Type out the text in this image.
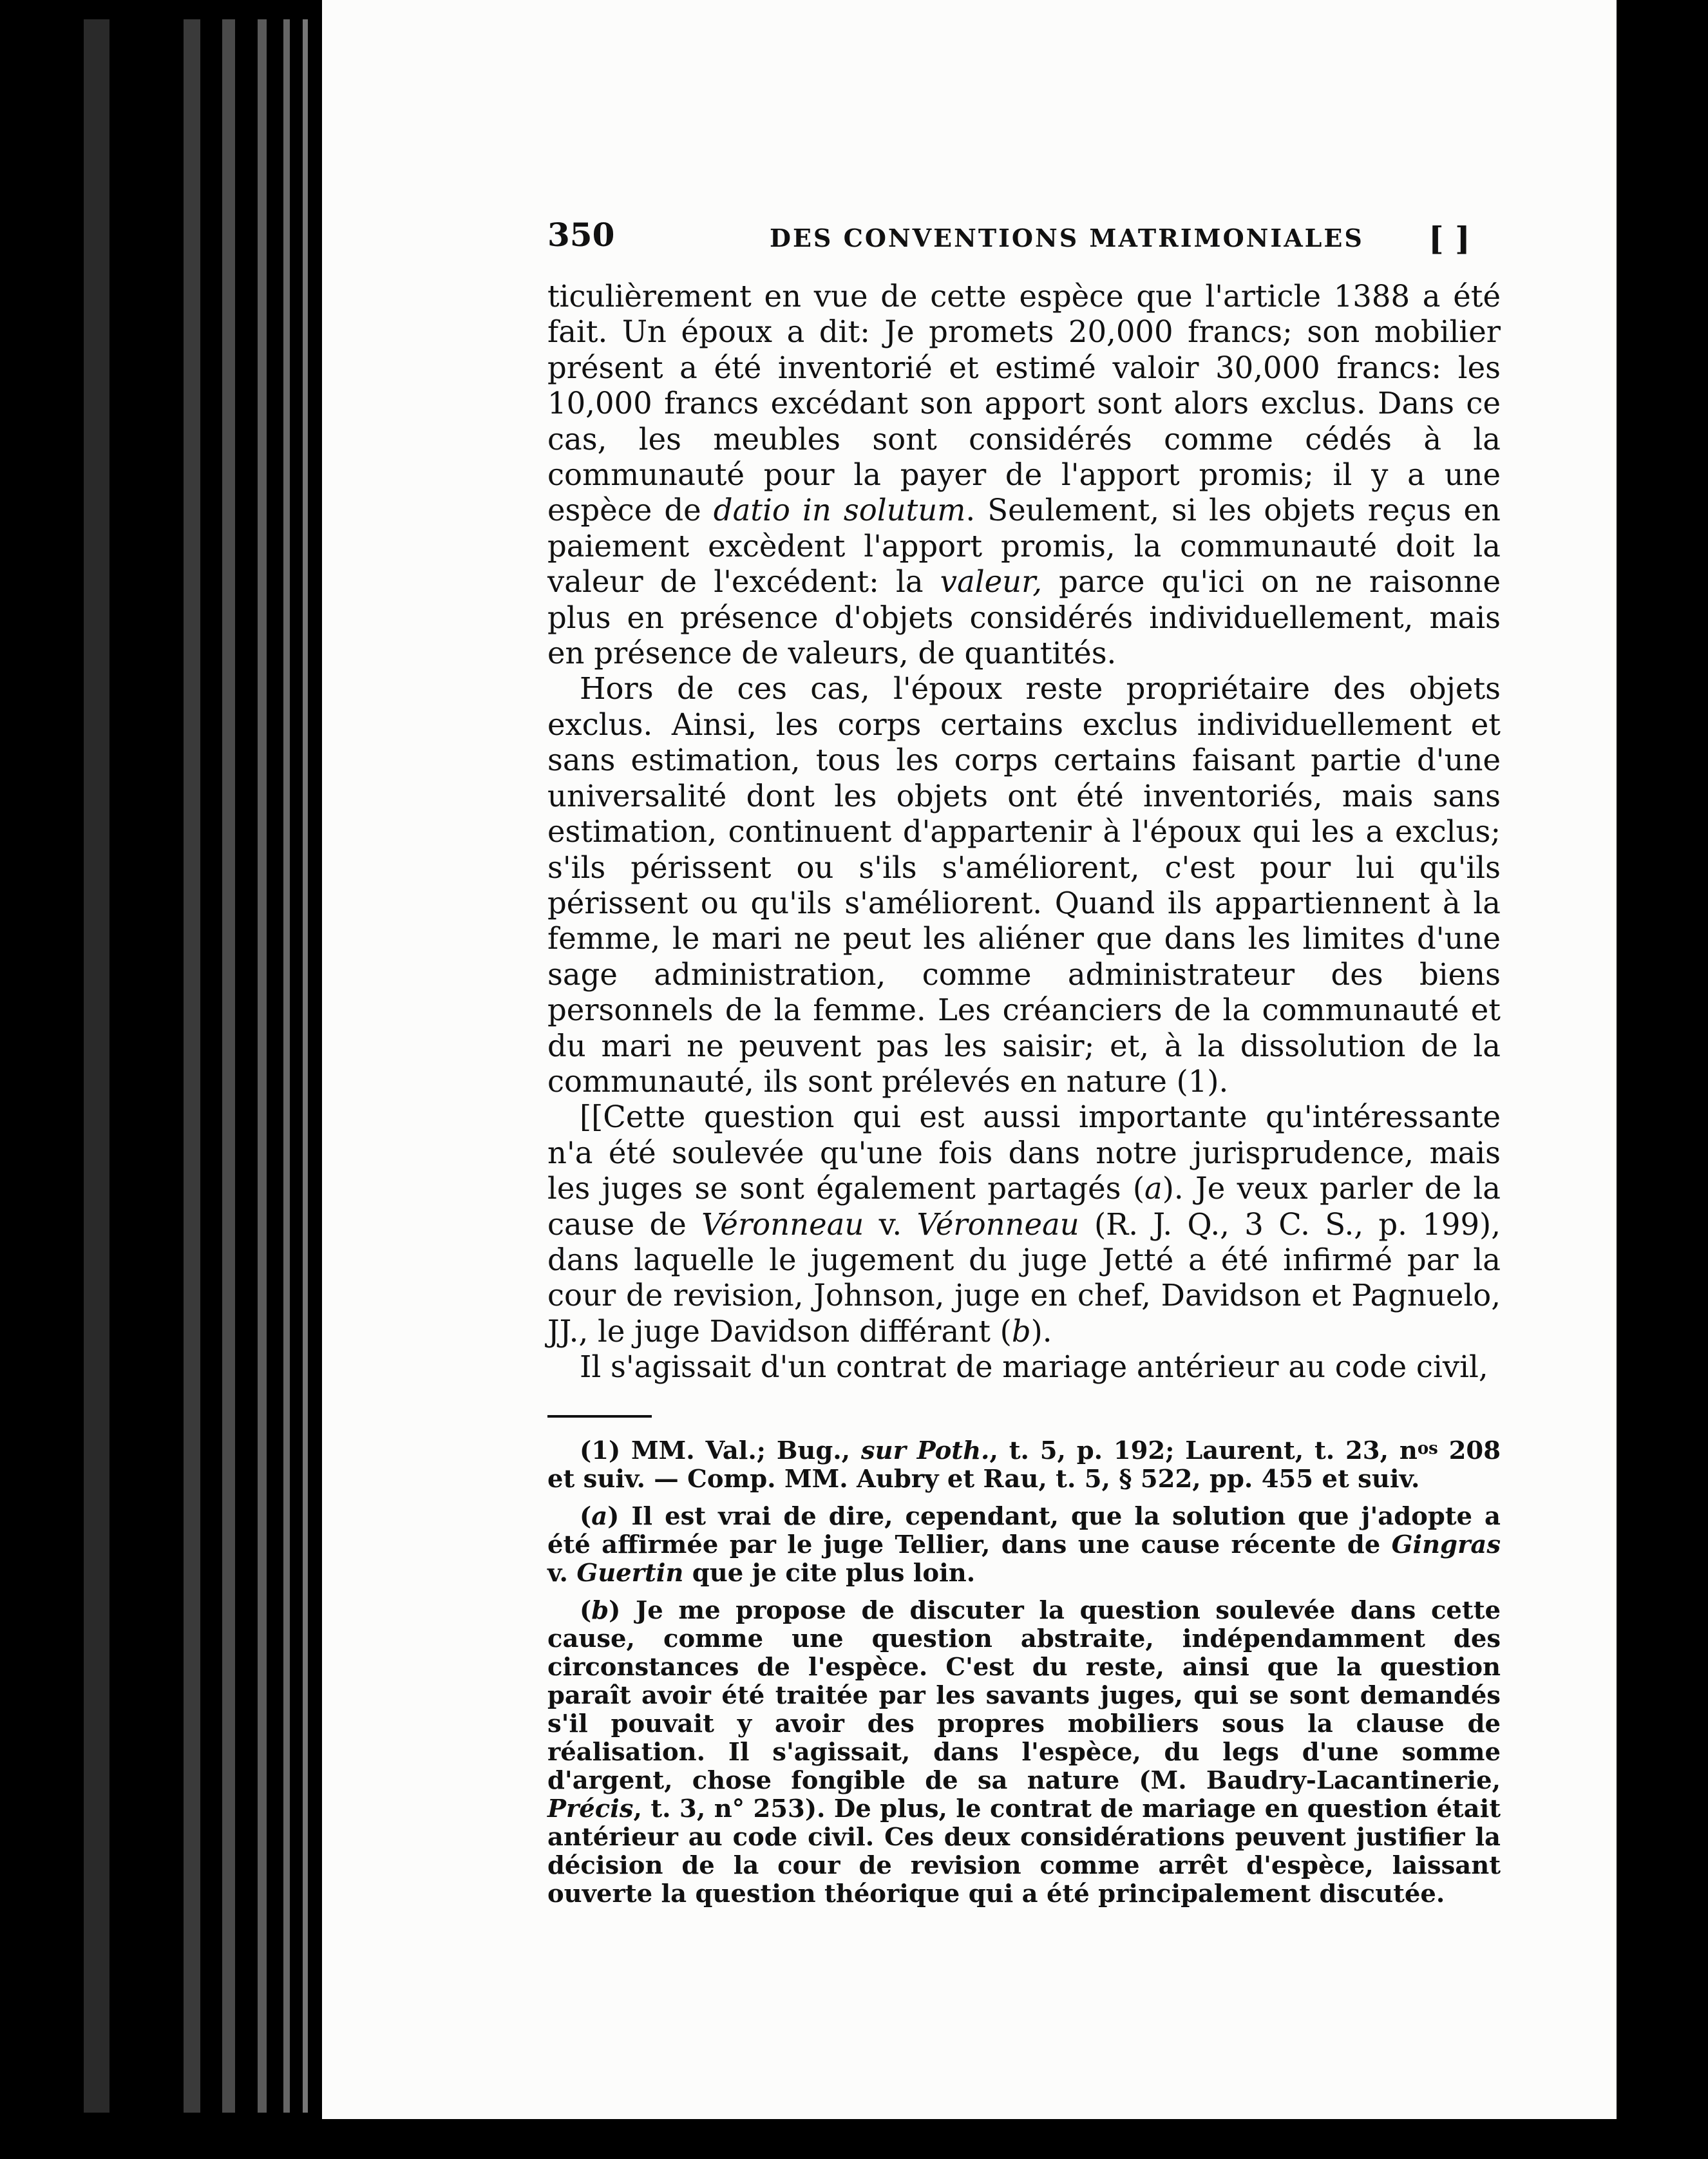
350	DES CONVENTIONS MATRIMONIALES [ ]

ticulièrement en vue de cette espèce que l'article 1388 a été fait. Un époux a dit: Je promets 20,000 francs; son mobilier présent a été inventorié et estimé valoir 30,000 francs: les 10,000 francs excédant son apport sont alors exclus. Dans ce cas, les meubles sont considérés comme cédés à la communauté pour la payer de l'apport promis; il y a une espèce de datio in solutum. Seulement, si les objets reçus en paiement excèdent l'apport promis, la communauté doit la valeur de l'excédent: la valeur, parce qu'ici on ne raisonne plus en présence d'objets considérés individuellement, mais en présence de valeurs, de quantités.

Hors de ces cas, l'époux reste propriétaire des objets exclus. Ainsi, les corps certains exclus individuellement et sans estimation, tous les corps certains faisant partie d'une universalité dont les objets ont été inventoriés, mais sans estimation, continuent d'appartenir à l'époux qui les a exclus; s'ils périssent ou s'ils s'améliorent, c'est pour lui qu'ils périssent ou qu'ils s'améliorent. Quand ils appartiennent à la femme, le mari ne peut les aliéner que dans les limites d'une sage administration, comme administrateur des biens personnels de la femme. Les créanciers de la communauté et du mari ne peuvent pas les saisir; et, à la dissolution de la communauté, ils sont prélevés en nature (1).

[[Cette question qui est aussi importante qu'intéressante n'a été soulevée qu'une fois dans notre jurisprudence, mais les juges se sont également partagés (a). Je veux parler de la cause de Véronneau v. Véronneau (R. J. Q., 3 C. S., p. 199), dans laquelle le jugement du juge Jetté a été infirmé par la cour de revision, Johnson, juge en chef, Davidson et Pagnuelo, JJ., le juge Davidson différant (b).

Il s'agissait d'un contrat de mariage antérieur au code civil,

(1) MM. Val.; Bug., sur Poth., t. 5, p. 192; Laurent, t. 23, $n^{os}$ 208 et suiv. — Comp. MM. Aubry et Rau, t. 5, § 522, pp. 455 et suiv.

(a) Il est vrai de dire, cependant, que la solution que j'adopte a été affirmée par le juge Tellier, dans une cause récente de Gingras v. Guertin que je cite plus loin.

(b) Je me propose de discuter la question soulevée dans cette cause, comme une question abstraite, indépendamment des circonstances de l'espèce. C'est du reste, ainsi que la question paraît avoir été traitée par les savants juges, qui se sont demandés s'il pouvait y avoir des propres mobiliers sous la clause de réalisation. Il s'agissait, dans l'espèce, du legs d'une somme d'argent, chose fongible de sa nature (M. Baudry-Lacantinerie, Précis, t. 3, n° 253). De plus, le contrat de mariage en question était antérieur au code civil. Ces deux considérations peuvent justifier la décision de la cour de revision comme arrêt d'espèce, laissant ouverte la question théorique qui a été principalement discutée.
